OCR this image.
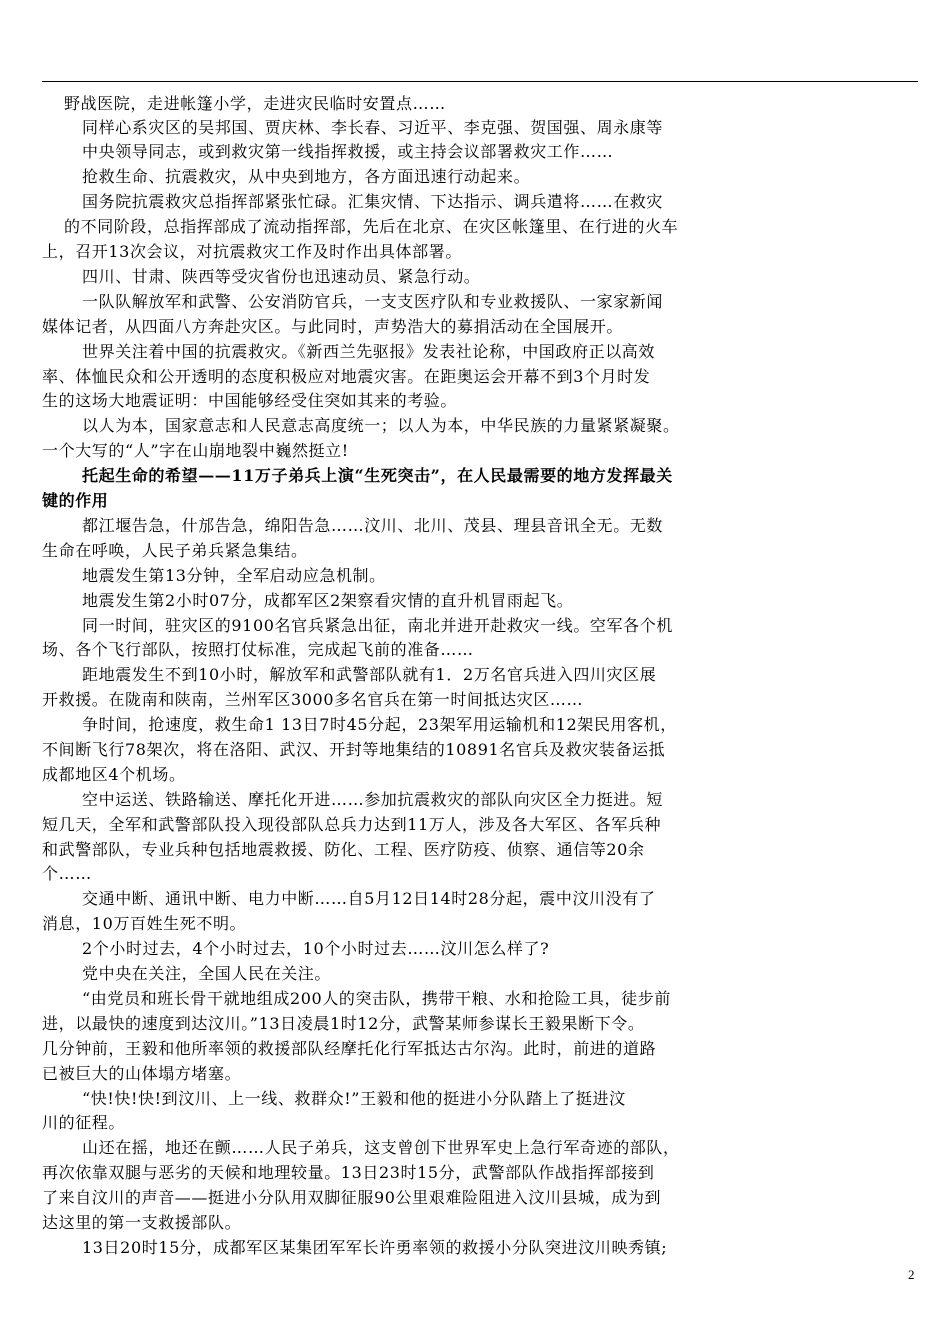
野战医院，走进帐篷小学，走进灾民临时安置点……
同样心系灾区的吴邦国、贾庆林、李长春、习近平、李克强、贺国强、周永康等
中央领导同志，或到救灾第一线指挥救援，或主持会议部署救灾工作……
抢救生命、抗震救灾，从中央到地方，各方面迅速行动起来。
国务院抗震救灾总指挥部紧张忙碌。汇集灾情、下达指示、调兵遣将……在救灾
的不同阶段，总指挥部成了流动指挥部，先后在北京、在灾区帐篷里、在行进的火车
上，召开13次会议，对抗震救灾工作及时作出具体部署。
四川、甘肃、陕西等受灾省份也迅速动员、紧急行动。
一队队解放军和武警、公安消防官兵，一支支医疗队和专业救援队、一家家新闻
媒体记者，从四面八方奔赴灾区。与此同时，声势浩大的募捐活动在全国展开。
世界关注着中国的抗震救灾。《新西兰先驱报》发表社论称，中国政府正以高效
率、体恤民众和公开透明的态度积极应对地震灾害。在距奥运会开幕不到3个月时发
生的这场大地震证明：中国能够经受住突如其来的考验。
以人为本，国家意志和人民意志高度统一；以人为本，中华民族的力量紧紧凝聚。
一个大写的“人”字在山崩地裂中巍然挺立!
托起生命的希望——11万子弟兵上演“生死突击”，在人民最需要的地方发挥最关
键的作用
都江堰告急，什邡告急，绵阳告急……汶川、北川、茂县、理县音讯全无。无数
生命在呼唤，人民子弟兵紧急集结。
地震发生第13分钟，全军启动应急机制。
地震发生第2小时07分，成都军区2架察看灾情的直升机冒雨起飞。
同一时间，驻灾区的9100名官兵紧急出征，南北并进开赴救灾一线。空军各个机
场、各个飞行部队，按照打仗标准，完成起飞前的准备……
距地震发生不到10小时，解放军和武警部队就有1．2万名官兵进入四川灾区展
开救援。在陇南和陕南，兰州军区3000多名官兵在第一时间抵达灾区……
争时间，抢速度，救生命1 13日7时45分起，23架军用运输机和12架民用客机，
不间断飞行78架次，将在洛阳、武汉、开封等地集结的10891名官兵及救灾装备运抵
成都地区4个机场。
空中运送、铁路输送、摩托化开进……参加抗震救灾的部队向灾区全力挺进。短
短几天，全军和武警部队投入现役部队总兵力达到11万人，涉及各大军区、各军兵种
和武警部队，专业兵种包括地震救援、防化、工程、医疗防疫、侦察、通信等20余
个……
交通中断、通讯中断、电力中断……自5月12日14时28分起，震中汶川没有了
消息，10万百姓生死不明。
2个小时过去，4个小时过去，10个小时过去……汶川怎么样了?
党中央在关注，全国人民在关注。
“由党员和班长骨干就地组成200人的突击队，携带干粮、水和抢险工具，徒步前
进，以最快的速度到达汶川。”13日凌晨1时12分，武警某师参谋长王毅果断下令。
几分钟前，王毅和他所率领的救援部队经摩托化行军抵达古尔沟。此时，前进的道路
已被巨大的山体塌方堵塞。
“快!快!快!到汶川、上一线、救群众!”王毅和他的挺进小分队踏上了挺进汶
川的征程。
山还在摇，地还在颤……人民子弟兵，这支曾创下世界军史上急行军奇迹的部队，
再次依靠双腿与恶劣的天候和地理较量。13日23时15分，武警部队作战指挥部接到
了来自汶川的声音——挺进小分队用双脚征服90公里艰难险阻进入汶川县城，成为到
达这里的第一支救援部队。
13日20时15分，成都军区某集团军军长许勇率领的救援小分队突进汶川映秀镇;
2
